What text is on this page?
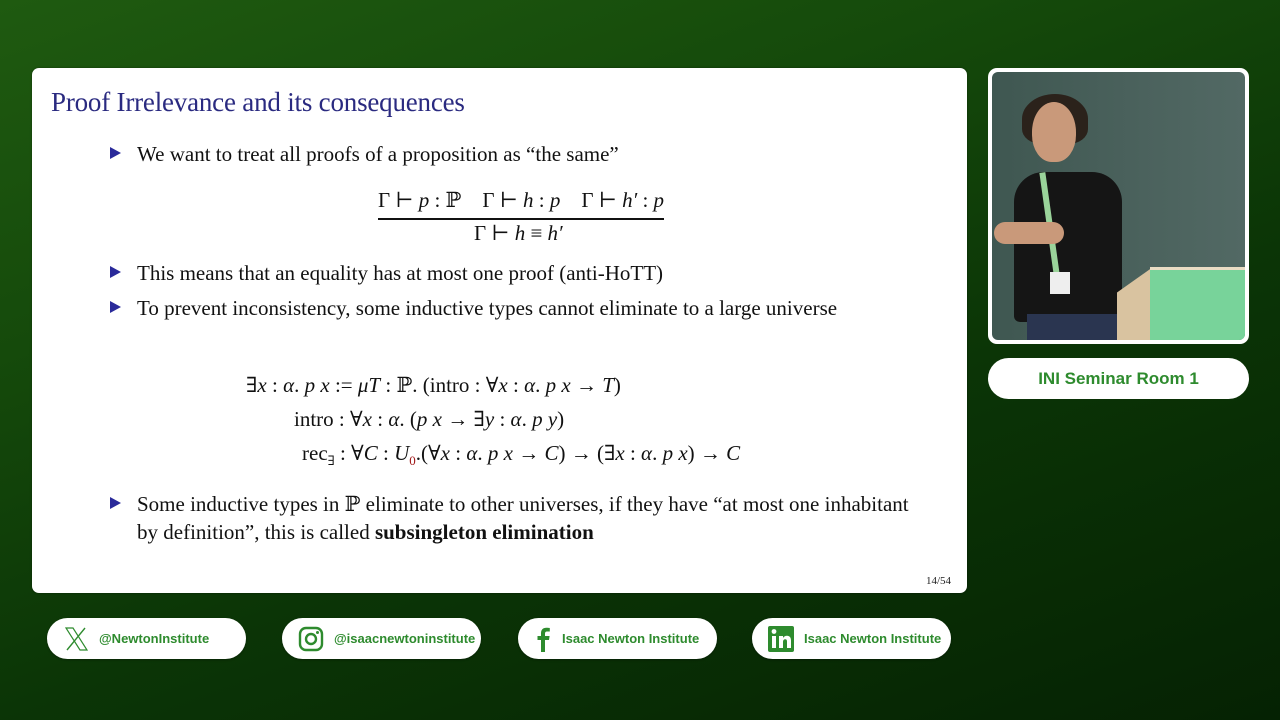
Proof Irrelevance and its consequences
We want to treat all proofs of a proposition as “the same”
Γ ⊢ p : ℙ Γ ⊢ h : p Γ ⊢ h′ : p
Γ ⊢ h ≡ h′
This means that an equality has at most one proof (anti-HoTT)
To prevent inconsistency, some inductive types cannot eliminate to a large universe
∃x : α. p x := μT : ℙ. (intro : ∀x : α. p x → T)
intro : ∀x : α. (p x → ∃y : α. p y)
rec$_\exists$ : ∀C : $U_0.(\forall x$ : α. p x → C) → (∃x : α. p x) → C
Some inductive types in ℙ eliminate to other universes, if they have “at most one inhabitant by definition”, this is called subsingleton elimination
14/54
INI Seminar Room 1
@NewtonInstitute	@isaacnewtoninstitute	Isaac Newton Institute	Isaac Newton Institute
